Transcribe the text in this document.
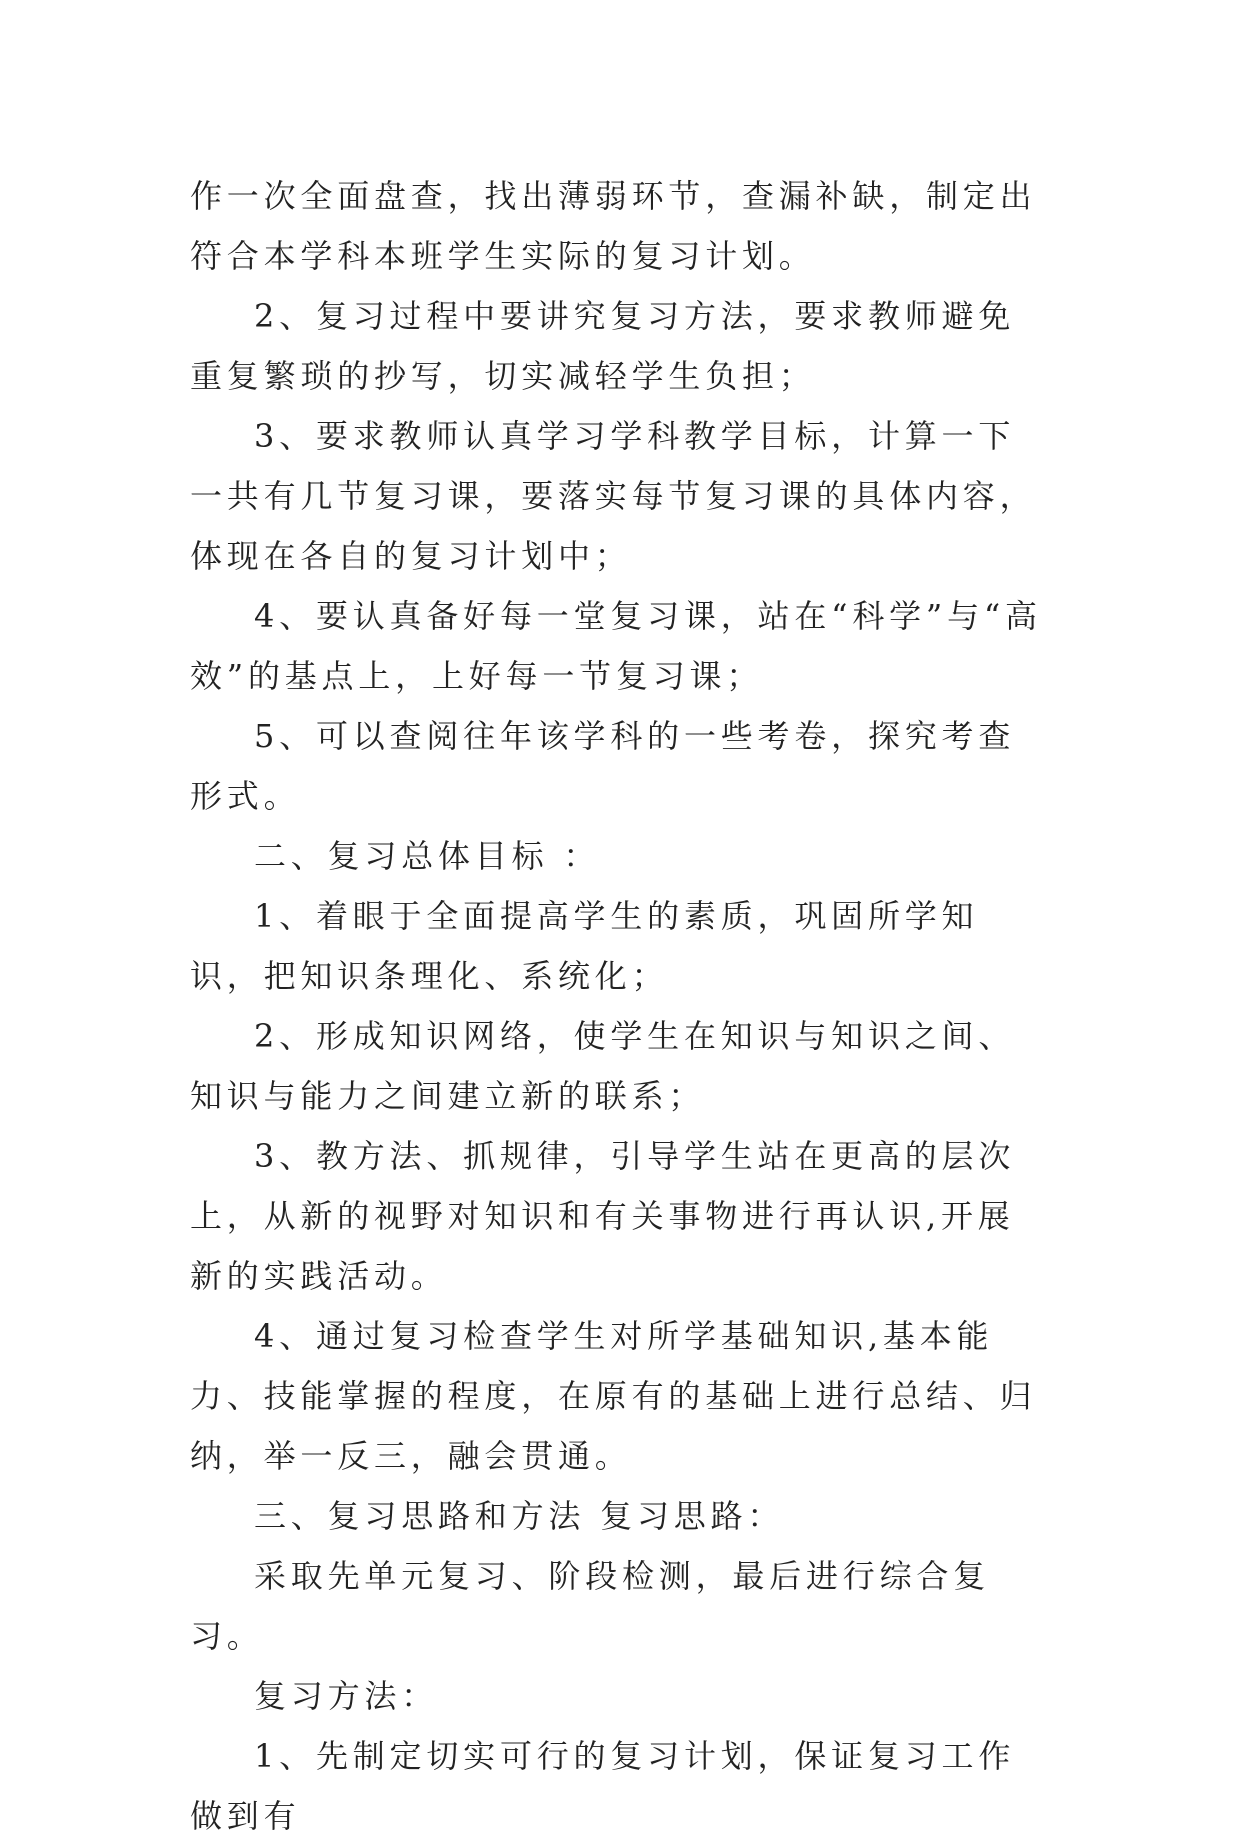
作一次全面盘查，找出薄弱环节，查漏补缺，制定出符合本学科本班学生实际的复习计划。

2、复习过程中要讲究复习方法，要求教师避免重复繁琐的抄写，切实减轻学生负担；

3、要求教师认真学习学科教学目标，计算一下一共有几节复习课，要落实每节复习课的具体内容，体现在各自的复习计划中；

4、要认真备好每一堂复习课，站在“科学”与“高效”的基点上，上好每一节复习课；

5、可以查阅往年该学科的一些考卷，探究考查形式。

二、复习总体目标 ：

1、着眼于全面提高学生的素质，巩固所学知识，把知识条理化、系统化；

2、形成知识网络，使学生在知识与知识之间、知识与能力之间建立新的联系；

3、教方法、抓规律，引导学生站在更高的层次上，从新的视野对知识和有关事物进行再认识,开展新的实践活动。

4、通过复习检查学生对所学基础知识,基本能力、技能掌握的程度，在原有的基础上进行总结、归纳，举一反三，融会贯通。

三、复习思路和方法 复习思路：

采取先单元复习、阶段检测，最后进行综合复习。

复习方法：

1、先制定切实可行的复习计划，保证复习工作做到有
